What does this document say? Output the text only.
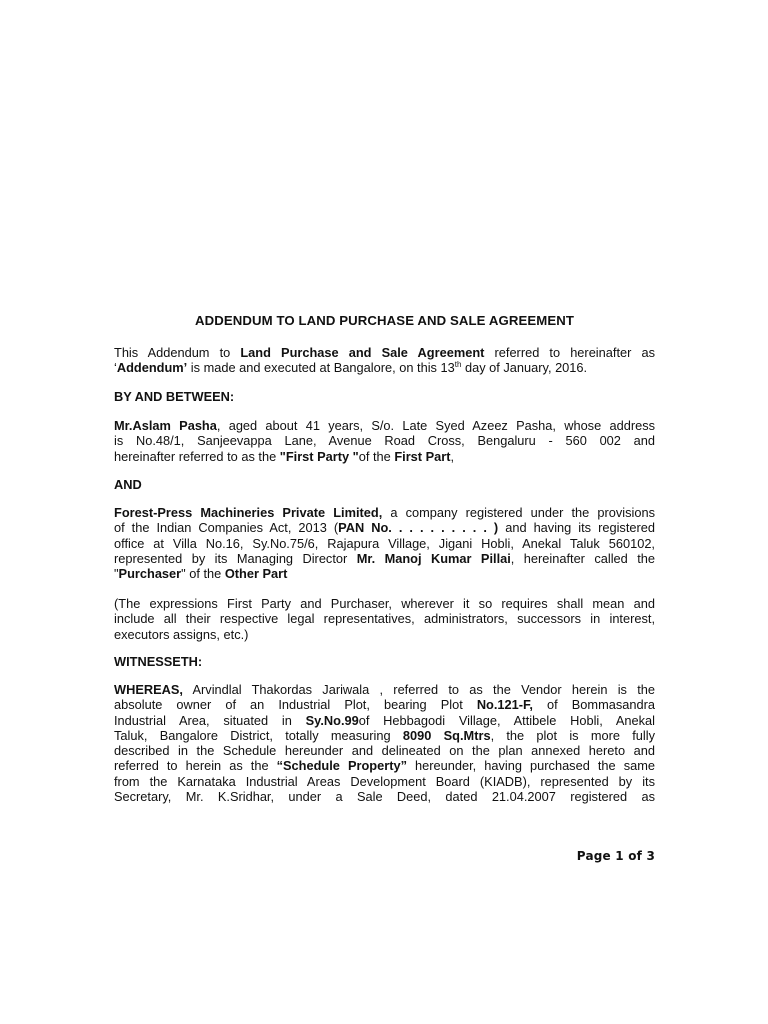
ADDENDUM TO LAND PURCHASE AND SALE AGREEMENT

This Addendum to Land Purchase and Sale Agreement referred to hereinafter as
‘Addendum’ is made and executed at Bangalore, on this 13th day of January, 2016.

BY AND BETWEEN:

Mr.Aslam Pasha, aged about 41 years, S/o. Late Syed Azeez Pasha, whose address
is No.48/1, Sanjeevappa Lane, Avenue Road Cross, Bengaluru - 560 002 and
hereinafter referred to as the "First Party "of the First Part,

AND

Forest-Press Machineries Private Limited, a company registered under the provisions
of the Indian Companies Act, 2013 (PAN No. . . . . . . . . . ) and having its registered
office at Villa No.16, Sy.No.75/6, Rajapura Village, Jigani Hobli, Anekal Taluk 560102,
represented by its Managing Director Mr. Manoj Kumar Pillai, hereinafter called the
"Purchaser" of the Other Part

(The expressions First Party and Purchaser, wherever it so requires shall mean and
include all their respective legal representatives, administrators, successors in interest,
executors assigns, etc.)

WITNESSETH:

WHEREAS, Arvindlal Thakordas Jariwala , referred to as the Vendor herein is the
absolute owner of an Industrial Plot, bearing Plot No.121-F, of Bommasandra
Industrial Area, situated in Sy.No.99of Hebbagodi Village, Attibele Hobli, Anekal
Taluk, Bangalore District, totally measuring 8090 Sq.Mtrs, the plot is more fully
described in the Schedule hereunder and delineated on the plan annexed hereto and
referred to herein as the “Schedule Property” hereunder, having purchased the same
from the Karnataka Industrial Areas Development Board (KIADB), represented by its
Secretary, Mr. K.Sridhar, under a Sale Deed, dated 21.04.2007 registered as

Page 1 of 3
